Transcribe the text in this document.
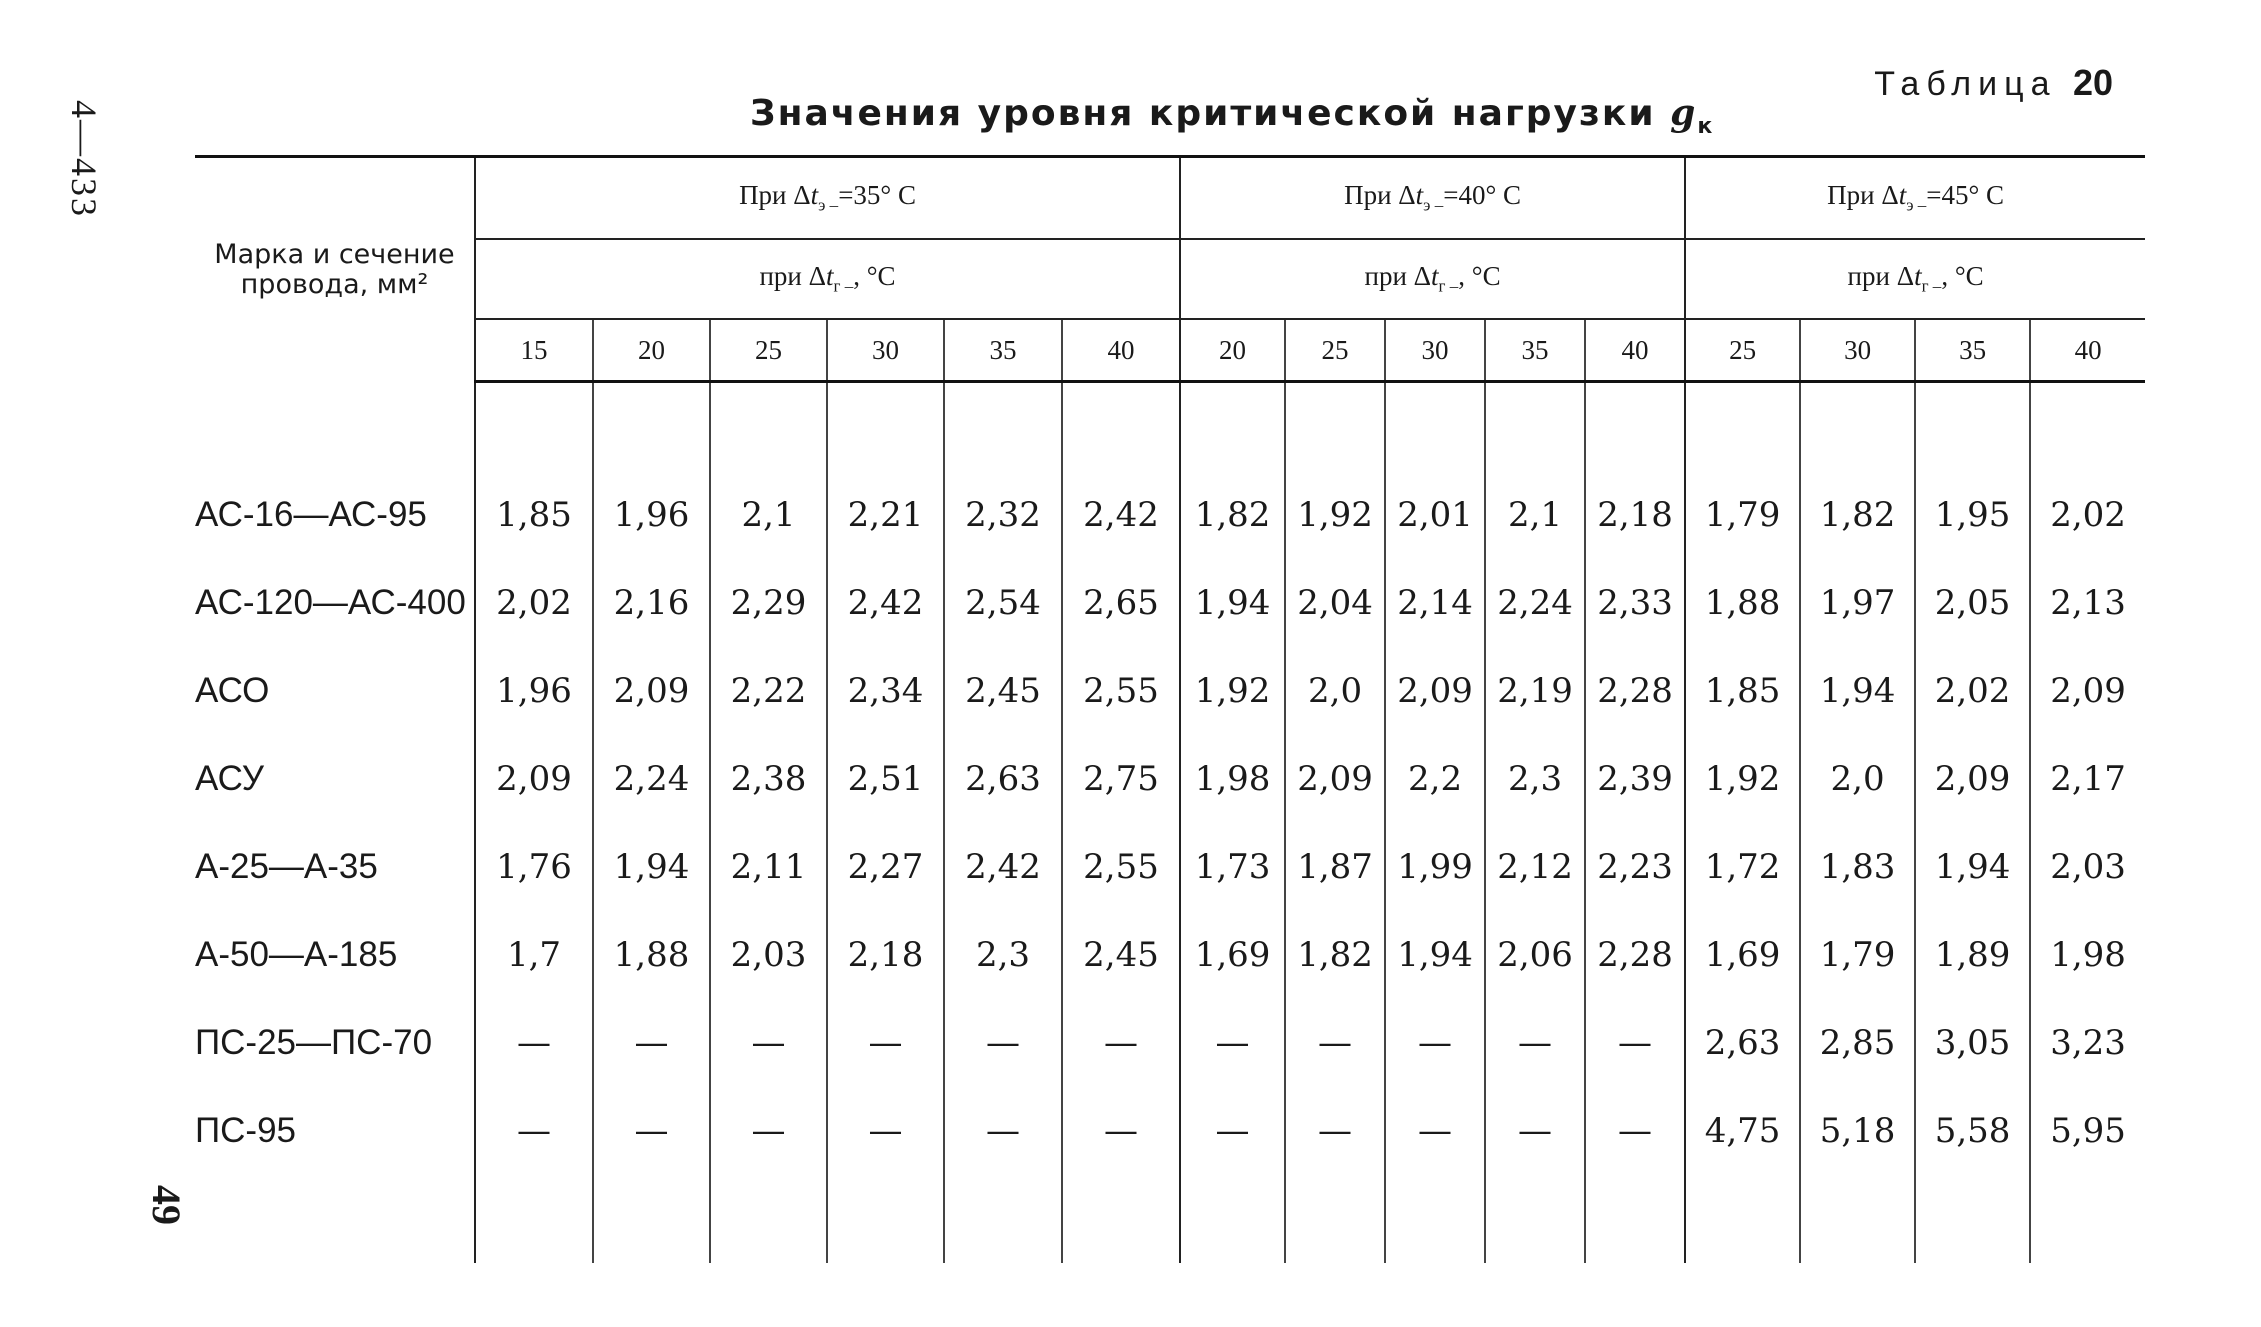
4—433
49
Таблица 20
Значения уровня критической нагрузки $g_к$
Марка и сечение
провода, мм²	При $\Delta t_{э -}=35^\circ$ С						При $\Delta t_{э -}=40^\circ$ С					При $\Delta t_{э -}=45^\circ$ С			
	при $\Delta t_{г -}$, °С						при $\Delta t_{г -}$, °С					при $\Delta t_{г -}$, °С			
	15	20	25	30	35	40	20	25	30	35	40	25	30	35	40

АС-16—АС-95	1,85	1,96	2,1	2,21	2,32	2,42	1,82	1,92	2,01	2,1	2,18	1,79	1,82	1,95	2,02
АС-120—АС-400	2,02	2,16	2,29	2,42	2,54	2,65	1,94	2,04	2,14	2,24	2,33	1,88	1,97	2,05	2,13
АСО	1,96	2,09	2,22	2,34	2,45	2,55	1,92	2,0	2,09	2,19	2,28	1,85	1,94	2,02	2,09
АСУ	2,09	2,24	2,38	2,51	2,63	2,75	1,98	2,09	2,2	2,3	2,39	1,92	2,0	2,09	2,17
А-25—А-35	1,76	1,94	2,11	2,27	2,42	2,55	1,73	1,87	1,99	2,12	2,23	1,72	1,83	1,94	2,03
А-50—А-185	1,7	1,88	2,03	2,18	2,3	2,45	1,69	1,82	1,94	2,06	2,28	1,69	1,79	1,89	1,98
ПС-25—ПС-70	—	—	—	—	—	—	—	—	—	—	—	2,63	2,85	3,05	3,23
ПС-95	—	—	—	—	—	—	—	—	—	—	—	4,75	5,18	5,58	5,95
